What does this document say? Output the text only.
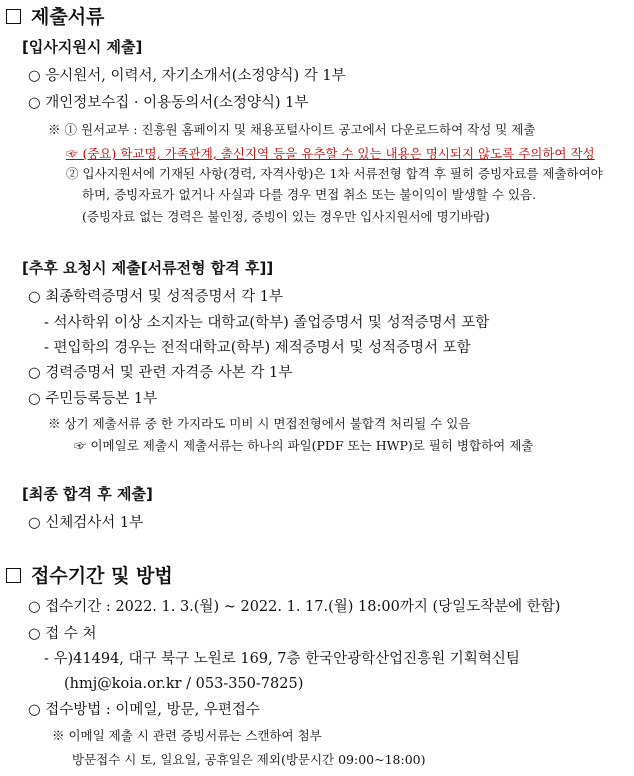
제출서류
[입사지원시 제출]
○ 응시원서, 이력서, 자기소개서(소정양식) 각 1부
○ 개인정보수집 · 이용동의서(소정양식) 1부
※ ① 원서교부 : 진흥원 홈페이지 및 채용포털사이트 공고에서 다운로드하여 작성 및 제출
☞ (중요) 학교명, 가족관계, 출신지역 등을 유추할 수 있는 내용은 명시되지 않도록 주의하여 작성
② 입사지원서에 기재된 사항(경력, 자격사항)은 1차 서류전형 합격 후 필히 증빙자료를 제출하여야
하며, 증빙자료가 없거나 사실과 다를 경우 면접 취소 또는 불이익이 발생할 수 있음.
(증빙자료 없는 경력은 불인정, 증빙이 있는 경우만 입사지원서에 명기바람)
[추후 요청시 제출[서류전형 합격 후]]
○ 최종학력증명서 및 성적증명서 각 1부
- 석사학위 이상 소지자는 대학교(학부) 졸업증명서 및 성적증명서 포함
- 편입학의 경우는 전적대학교(학부) 제적증명서 및 성적증명서 포함
○ 경력증명서 및 관련 자격증 사본 각 1부
○ 주민등록등본 1부
※ 상기 제출서류 중 한 가지라도 미비 시 면접전형에서 불합격 처리될 수 있음
☞ 이메일로 제출시 제출서류는 하나의 파일(PDF 또는 HWP)로 필히 병합하여 제출
[최종 합격 후 제출]
○ 신체검사서 1부
접수기간 및 방법
○ 접수기간 : 2022. 1. 3.(월) ~ 2022. 1. 17.(월) 18:00까지 (당일도착분에 한함)
○ 접 수 처
- 우)41494, 대구 북구 노원로 169, 7층 한국안광학산업진흥원 기획혁신팀
(hmj@koia.or.kr / 053-350-7825)
○ 접수방법 : 이메일, 방문, 우편접수
※ 이메일 제출 시 관련 증빙서류는 스캔하여 첨부
방문접수 시 토, 일요일, 공휴일은 제외(방문시간 09:00~18:00)
